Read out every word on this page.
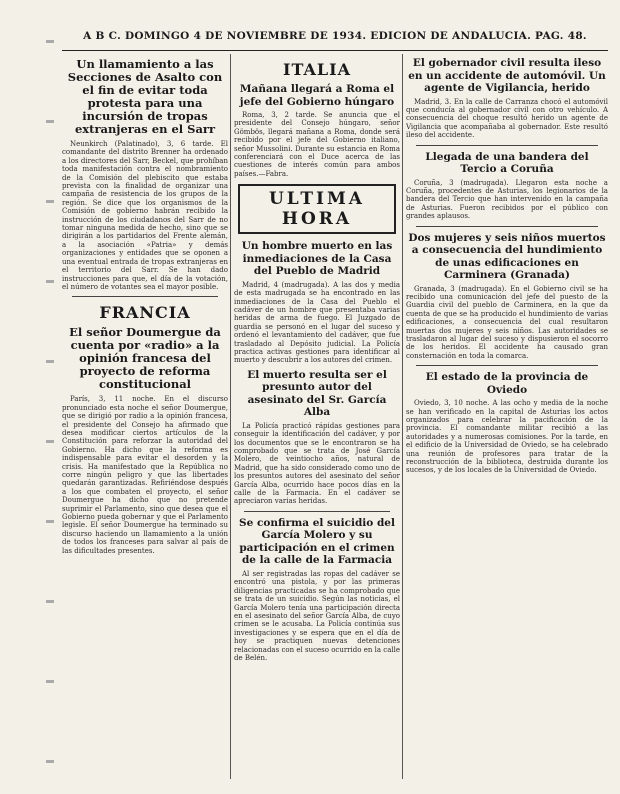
A B C. DOMINGO 4 DE NOVIEMBRE DE 1934. EDICION DE ANDALUCIA. PAG. 48.
Un llamamiento a las Secciones de Asalto con el fin de evitar toda protesta para una incursión de tropas extranjeras en el Sarr

Neunkirch (Palatinado), 3, 6 tarde. El comandante del distrito Brenner ha ordenado a los directores del Sarr, Beckel, que prohíban toda manifestación contra el nombramiento de la Comisión del plebiscito que estaba prevista con la finalidad de organizar una campaña de resistencia de los grupos de la región. Se dice que los organismos de la Comisión de gobierno habrán recibido la instrucción de los ciudadanos del Sarr de no tomar ninguna medida de hecho, sino que se dirigirán a los partidarios del Frente alemán, a la asociación «Patria» y demás organizaciones y entidades que se oponen a una eventual entrada de tropas extranjeras en el territorio del Sarr. Se han dado instrucciones para que, el día de la votación, el número de votantes sea el mayor posible.

FRANCIA
El señor Doumergue da cuenta por «radio» a la opinión francesa del proyecto de reforma constitucional

París, 3, 11 noche. En el discurso pronunciado esta noche el señor Doumergue, que se dirigió por radio a la opinión francesa, el presidente del Consejo ha afirmado que desea modificar ciertos artículos de la Constitución para reforzar la autoridad del Gobierno. Ha dicho que la reforma es indispensable para evitar el desorden y la crisis. Ha manifestado que la República no corre ningún peligro y que las libertades quedarán garantizadas. Refiriéndose después a los que combaten el proyecto, el señor Doumergue ha dicho que no pretende suprimir el Parlamento, sino que desea que el Gobierno pueda gobernar y que el Parlamento legisle. El señor Doumergue ha terminado su discurso haciendo un llamamiento a la unión de todos los franceses para salvar al país de las dificultades presentes.

ITALIA
Mañana llegará a Roma el jefe del Gobierno húngaro

Roma, 3, 2 tarde. Se anuncia que el presidente del Consejo húngaro, señor Gömbös, llegará mañana a Roma, donde será recibido por el jefe del Gobierno italiano, señor Mussolini. Durante su estancia en Roma conferenciará con el Duce acerca de las cuestiones de interés común para ambos países.—Fabra.

ULTIMA HORA
Un hombre muerto en las inmediaciones de la Casa del Pueblo de Madrid

Madrid, 4 (madrugada). A las dos y media de esta madrugada se ha encontrado en las inmediaciones de la Casa del Pueblo el cadáver de un hombre que presentaba varias heridas de arma de fuego. El Juzgado de guardia se personó en el lugar del suceso y ordenó el levantamiento del cadáver, que fue trasladado al Depósito judicial. La Policía practica activas gestiones para identificar al muerto y descubrir a los autores del crimen.

El muerto resulta ser el presunto autor del asesinato del Sr. García Alba

La Policía practicó rápidas gestiones para conseguir la identificación del cadáver, y por los documentos que se le encontraron se ha comprobado que se trata de José García Molero, de veintiocho años, natural de Madrid, que ha sido considerado como uno de los presuntos autores del asesinato del señor García Alba, ocurrido hace pocos días en la calle de la Farmacia. En el cadáver se apreciaron varias heridas.

Se confirma el suicidio del García Molero y su participación en el crimen de la calle de la Farmacia

Al ser registradas las ropas del cadáver se encontró una pistola, y por las primeras diligencias practicadas se ha comprobado que se trata de un suicidio. Según las noticias, el García Molero tenía una participación directa en el asesinato del señor García Alba, de cuyo crimen se le acusaba. La Policía continúa sus investigaciones y se espera que en el día de hoy se practiquen nuevas detenciones relacionadas con el suceso ocurrido en la calle de Belén.

El gobernador civil resulta ileso en un accidente de automóvil. Un agente de Vigilancia, herido

Madrid, 3. En la calle de Carranza chocó el automóvil que conducía al gobernador civil con otro vehículo. A consecuencia del choque resultó herido un agente de Vigilancia que acompañaba al gobernador. Este resultó ileso del accidente.

Llegada de una bandera del Tercio a Coruña

Coruña, 3 (madrugada). Llegaron esta noche a Coruña, procedentes de Asturias, los legionarios de la bandera del Tercio que han intervenido en la campaña de Asturias. Fueron recibidos por el público con grandes aplausos.

Dos mujeres y seis niños muertos a consecuencia del hundimiento de unas edificaciones en Carminera (Granada)

Granada, 3 (madrugada). En el Gobierno civil se ha recibido una comunicación del jefe del puesto de la Guardia civil del pueblo de Carminera, en la que da cuenta de que se ha producido el hundimiento de varias edificaciones, a consecuencia del cual resultaron muertas dos mujeres y seis niños. Las autoridades se trasladaron al lugar del suceso y dispusieron el socorro de los heridos. El accidente ha causado gran consternación en toda la comarca.

El estado de la provincia de Oviedo

Oviedo, 3, 10 noche. A las ocho y media de la noche se han verificado en la capital de Asturias los actos organizados para celebrar la pacificación de la provincia. El comandante militar recibió a las autoridades y a numerosas comisiones. Por la tarde, en el edificio de la Universidad de Oviedo, se ha celebrado una reunión de profesores para tratar de la reconstrucción de la biblioteca, destruida durante los sucesos, y de los locales de la Universidad de Oviedo.
